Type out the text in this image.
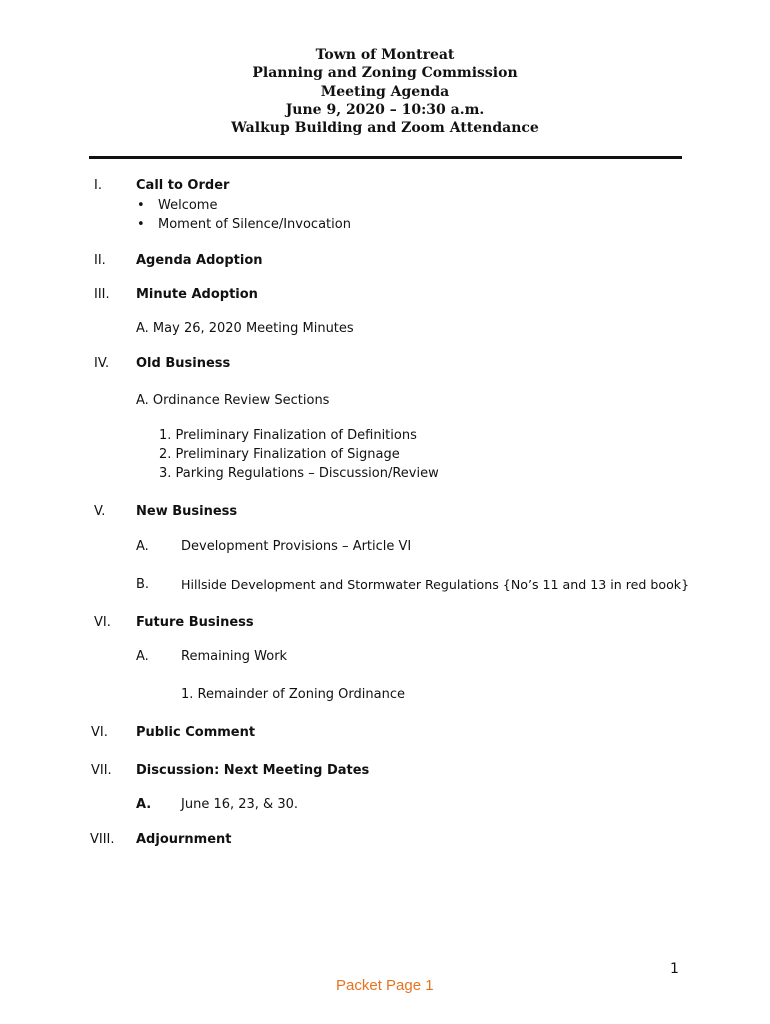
Town of Montreat
Planning and Zoning Commission
Meeting Agenda
June 9, 2020 – 10:30 a.m.
Walkup Building and Zoom Attendance
I.	Call to Order
• Welcome
• Moment of Silence/Invocation
II. Agenda Adoption
III. Minute Adoption
A. May 26, 2020 Meeting Minutes
IV. Old Business
A. Ordinance Review Sections
1. Preliminary Finalization of Definitions
2. Preliminary Finalization of Signage
3. Parking Regulations – Discussion/Review
V. New Business
A. Development Provisions – Article VI
B.	Hillside Development and Stormwater Regulations {No’s 11 and 13 in red book}
VI. Future Business
A. Remaining Work
1. Remainder of Zoning Ordinance
VI. Public Comment
VII. Discussion: Next Meeting Dates
A. June 16, 23, & 30.
VIII. Adjournment
1
Packet Page 1
